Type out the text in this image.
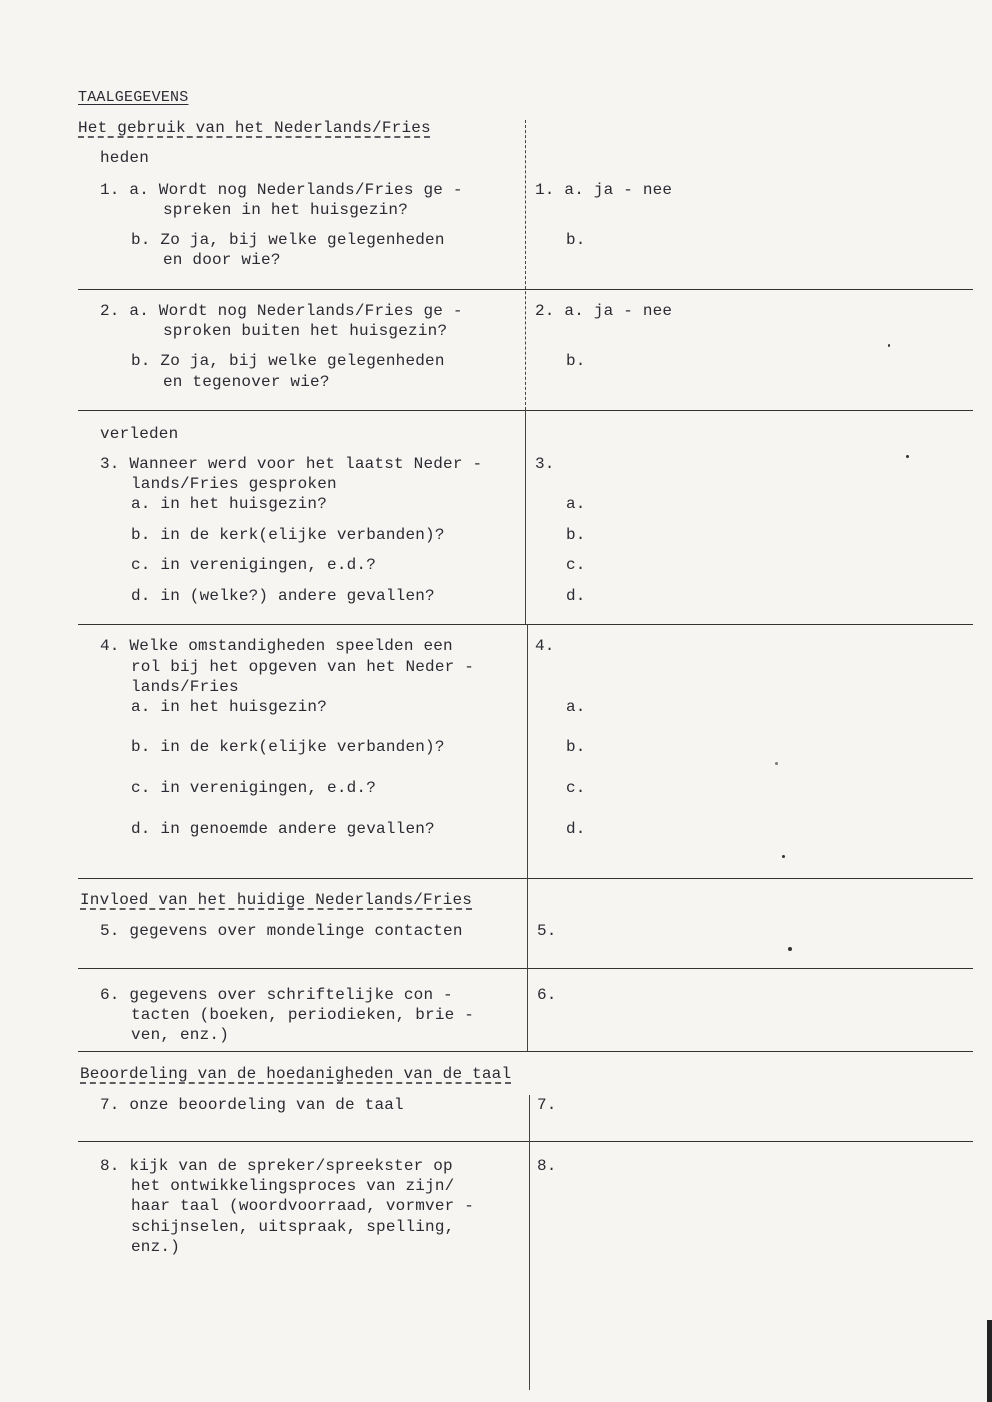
TAALGEGEVENS
Het gebruik van het Nederlands/Fries
heden
1. a. Wordt nog Nederlands/Fries ge -
spreken in het huisgezin?
b. Zo ja, bij welke gelegenheden
en door wie?
1. a. ja - nee
b.
2. a. Wordt nog Nederlands/Fries ge -
sproken buiten het huisgezin?
b. Zo ja, bij welke gelegenheden
en tegenover wie?
2. a. ja - nee
b.
verleden
3. Wanneer werd voor het laatst Neder -
lands/Fries gesproken
a. in het huisgezin?
b. in de kerk(elijke verbanden)?
c. in verenigingen, e.d.?
d. in (welke?) andere gevallen?
3.
a.
b.
c.
d.
4. Welke omstandigheden speelden een
rol bij het opgeven van het Neder -
lands/Fries
a. in het huisgezin?
b. in de kerk(elijke verbanden)?
c. in verenigingen, e.d.?
d. in genoemde andere gevallen?
4.
a.
b.
c.
d.
Invloed van het huidige Nederlands/Fries
5. gegevens over mondelinge contacten	5.
6. gegevens over schriftelijke con -
tacten (boeken, periodieken, brie -
ven, enz.)
6.
Beoordeling van de hoedanigheden van de taal
7. onze beoordeling van de taal	7.
8. kijk van de spreker/spreekster op
het ontwikkelingsproces van zijn/
haar taal (woordvoorraad, vormver -
schijnselen, uitspraak, spelling,
enz.)
8.
